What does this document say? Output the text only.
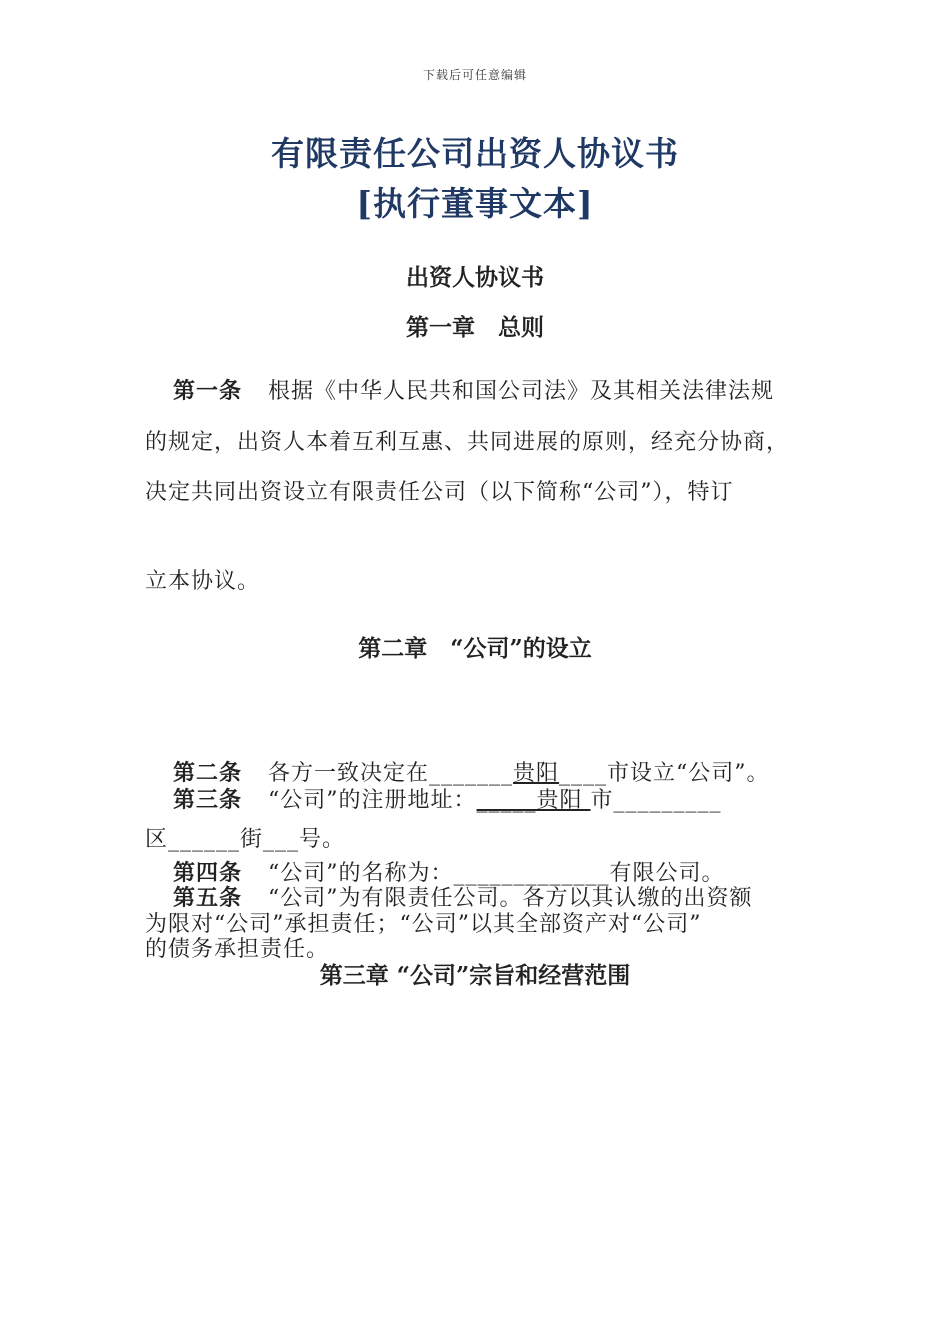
下载后可任意编辑
有限责任公司出资人协议书
[执行董事文本]
出资人协议书
第一章　总则
第一条 根据《中华人民共和国公司法》及其相关法律法规
的规定，出资人本着互利互惠、共同进展的原则，经充分协商，
决定共同出资设立有限责任公司（以下简称“公司”），特订
立本协议。
第二章　“公司”的设立
第二条 各方一致决定在_______贵阳____市设立“公司”。
第三条 “公司”的注册地址：_____贵阳 市_________
区______街___号。
第四条 “公司”的名称为：_____________有限公司。
第五条 “公司”为有限责任公司。各方以其认缴的出资额
为限对“公司”承担责任；“公司”以其全部资产对“公司”
的债务承担责任。
第三章 “公司”宗旨和经营范围
